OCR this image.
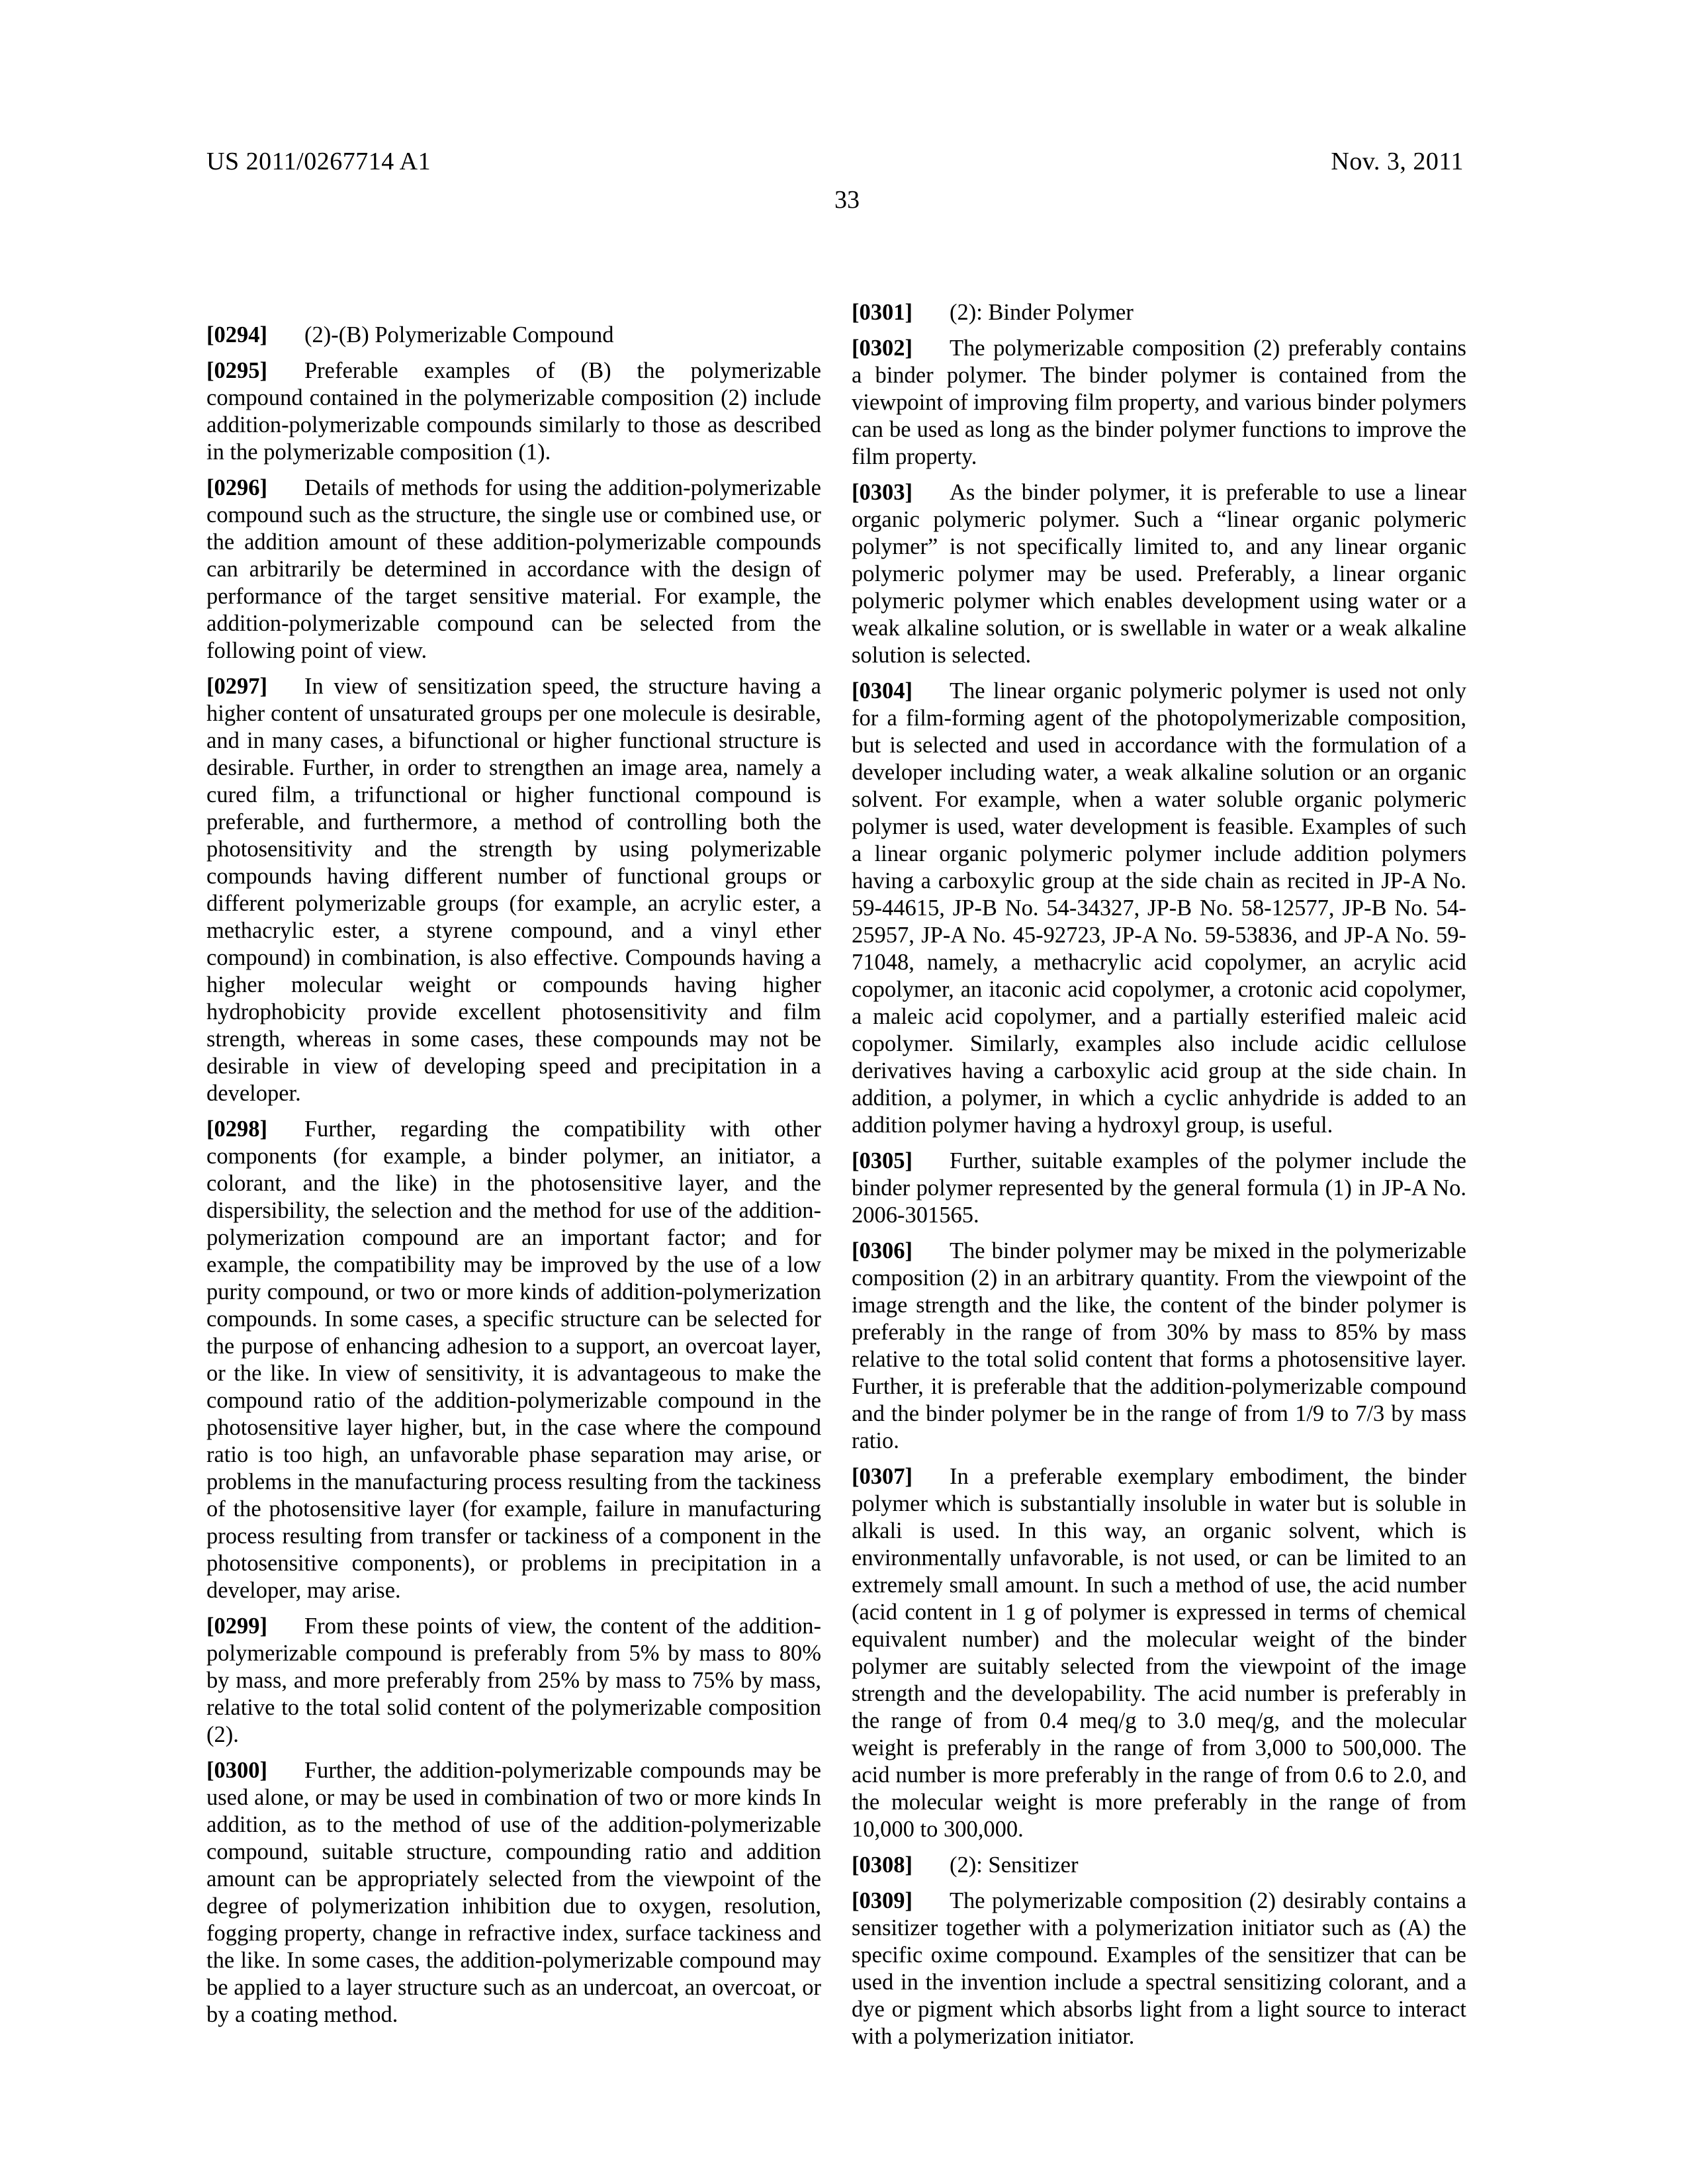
US 2011/0267714 A1	Nov. 3, 2011
33

[0294] (2)-(B) Polymerizable Compound

[0295] Preferable examples of (B) the polymerizable compound contained in the polymerizable composition (2) include addition-polymerizable compounds similarly to those as described in the polymerizable composition (1).

[0296] Details of methods for using the addition-polymerizable compound such as the structure, the single use or combined use, or the addition amount of these addition-polymerizable compounds can arbitrarily be determined in accordance with the design of performance of the target sensitive material. For example, the addition-polymerizable compound can be selected from the following point of view.

[0297] In view of sensitization speed, the structure having a higher content of unsaturated groups per one molecule is desirable, and in many cases, a bifunctional or higher functional structure is desirable. Further, in order to strengthen an image area, namely a cured film, a trifunctional or higher functional compound is preferable, and furthermore, a method of controlling both the photosensitivity and the strength by using polymerizable compounds having different number of functional groups or different polymerizable groups (for example, an acrylic ester, a methacrylic ester, a styrene compound, and a vinyl ether compound) in combination, is also effective. Compounds having a higher molecular weight or compounds having higher hydrophobicity provide excellent photosensitivity and film strength, whereas in some cases, these compounds may not be desirable in view of developing speed and precipitation in a developer.

[0298] Further, regarding the compatibility with other components (for example, a binder polymer, an initiator, a colorant, and the like) in the photosensitive layer, and the dispersibility, the selection and the method for use of the addition-polymerization compound are an important factor; and for example, the compatibility may be improved by the use of a low purity compound, or two or more kinds of addition-polymerization compounds. In some cases, a specific structure can be selected for the purpose of enhancing adhesion to a support, an overcoat layer, or the like. In view of sensitivity, it is advantageous to make the compound ratio of the addition-polymerizable compound in the photosensitive layer higher, but, in the case where the compound ratio is too high, an unfavorable phase separation may arise, or problems in the manufacturing process resulting from the tackiness of the photosensitive layer (for example, failure in manufacturing process resulting from transfer or tackiness of a component in the photosensitive components), or problems in precipitation in a developer, may arise.

[0299] From these points of view, the content of the addition-polymerizable compound is preferably from 5% by mass to 80% by mass, and more preferably from 25% by mass to 75% by mass, relative to the total solid content of the polymerizable composition (2).

[0300] Further, the addition-polymerizable compounds may be used alone, or may be used in combination of two or more kinds In addition, as to the method of use of the addition-polymerizable compound, suitable structure, compounding ratio and addition amount can be appropriately selected from the viewpoint of the degree of polymerization inhibition due to oxygen, resolution, fogging property, change in refractive index, surface tackiness and the like. In some cases, the addition-polymerizable compound may be applied to a layer structure such as an undercoat, an overcoat, or by a coating method.

[0301] (2): Binder Polymer

[0302] The polymerizable composition (2) preferably contains a binder polymer. The binder polymer is contained from the viewpoint of improving film property, and various binder polymers can be used as long as the binder polymer functions to improve the film property.

[0303] As the binder polymer, it is preferable to use a linear organic polymeric polymer. Such a “linear organic polymeric polymer” is not specifically limited to, and any linear organic polymeric polymer may be used. Preferably, a linear organic polymeric polymer which enables development using water or a weak alkaline solution, or is swellable in water or a weak alkaline solution is selected.

[0304] The linear organic polymeric polymer is used not only for a film-forming agent of the photopolymerizable composition, but is selected and used in accordance with the formulation of a developer including water, a weak alkaline solution or an organic solvent. For example, when a water soluble organic polymeric polymer is used, water development is feasible. Examples of such a linear organic polymeric polymer include addition polymers having a carboxylic group at the side chain as recited in JP-A No. 59-44615, JP-B No. 54-34327, JP-B No. 58-12577, JP-B No. 54-25957, JP-A No. 45-92723, JP-A No. 59-53836, and JP-A No. 59-71048, namely, a methacrylic acid copolymer, an acrylic acid copolymer, an itaconic acid copolymer, a crotonic acid copolymer, a maleic acid copolymer, and a partially esterified maleic acid copolymer. Similarly, examples also include acidic cellulose derivatives having a carboxylic acid group at the side chain. In addition, a polymer, in which a cyclic anhydride is added to an addition polymer having a hydroxyl group, is useful.

[0305] Further, suitable examples of the polymer include the binder polymer represented by the general formula (1) in JP-A No. 2006-301565.

[0306] The binder polymer may be mixed in the polymerizable composition (2) in an arbitrary quantity. From the viewpoint of the image strength and the like, the content of the binder polymer is preferably in the range of from 30% by mass to 85% by mass relative to the total solid content that forms a photosensitive layer. Further, it is preferable that the addition-polymerizable compound and the binder polymer be in the range of from 1/9 to 7/3 by mass ratio.

[0307] In a preferable exemplary embodiment, the binder polymer which is substantially insoluble in water but is soluble in alkali is used. In this way, an organic solvent, which is environmentally unfavorable, is not used, or can be limited to an extremely small amount. In such a method of use, the acid number (acid content in 1 g of polymer is expressed in terms of chemical equivalent number) and the molecular weight of the binder polymer are suitably selected from the viewpoint of the image strength and the developability. The acid number is preferably in the range of from 0.4 meq/g to 3.0 meq/g, and the molecular weight is preferably in the range of from 3,000 to 500,000. The acid number is more preferably in the range of from 0.6 to 2.0, and the molecular weight is more preferably in the range of from 10,000 to 300,000.

[0308] (2): Sensitizer

[0309] The polymerizable composition (2) desirably contains a sensitizer together with a polymerization initiator such as (A) the specific oxime compound. Examples of the sensitizer that can be used in the invention include a spectral sensitizing colorant, and a dye or pigment which absorbs light from a light source to interact with a polymerization initiator.
